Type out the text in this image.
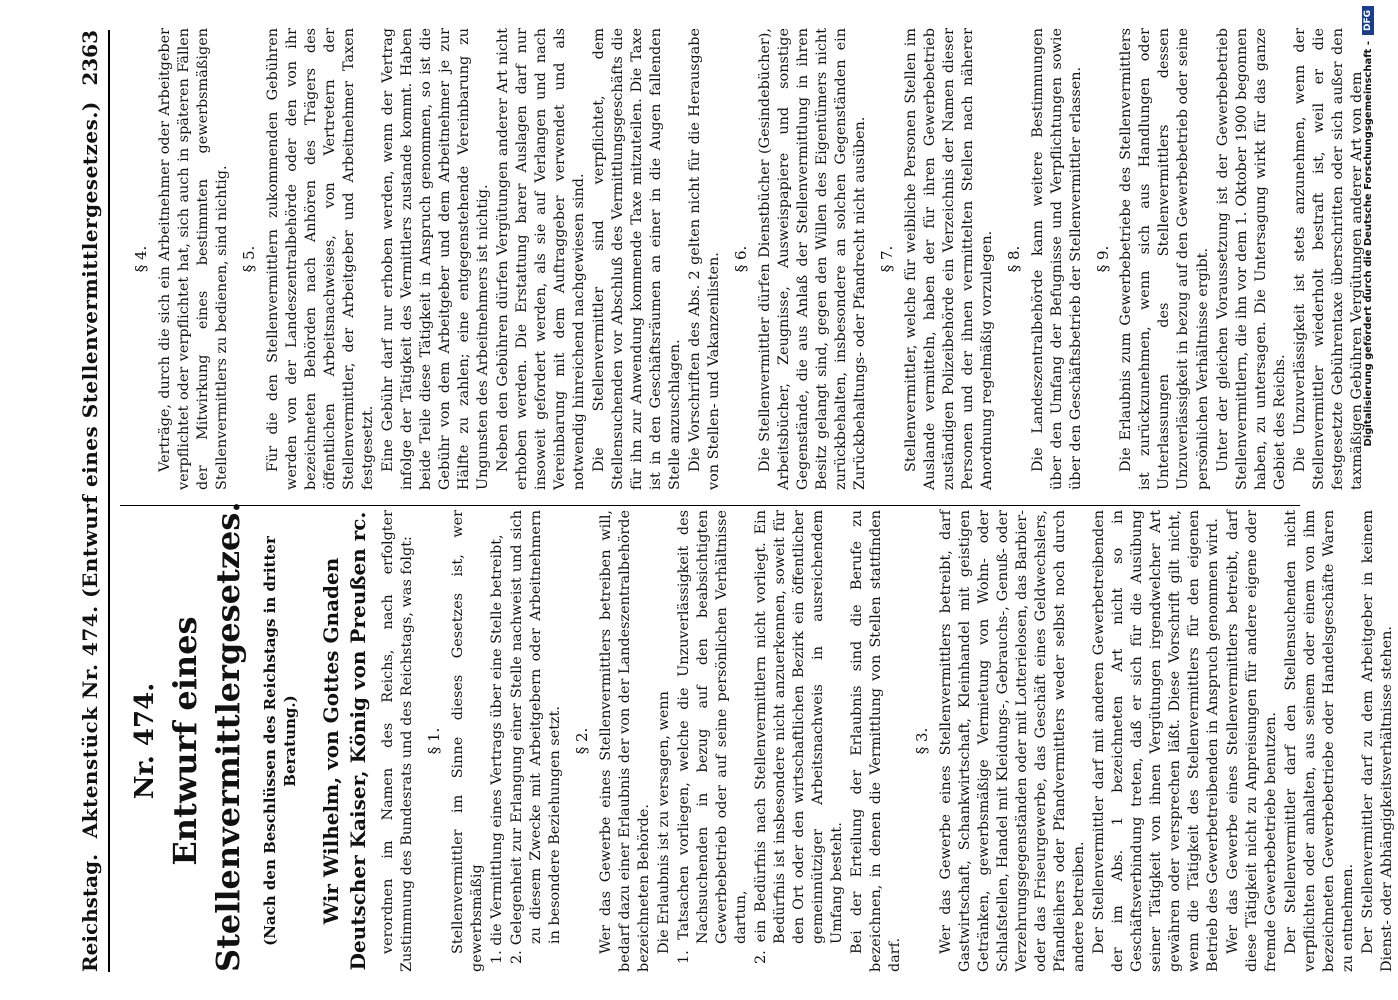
Reichstag.
Aktenstück Nr. 474. (Entwurf eines Stellenvermittlergesetzes.)
2363
Nr. 474. Entwurf eines Stellenvermittlergesetzes. (Nach den Beschlüssen des Reichstags in dritter Beratung.) Wir Wilhelm, von Gottes Gnaden Deutscher Kaiser, König von Preußen rc. verordnen im Namen des Reichs, nach erfolgter Zustimmung des Bundesrats und des Reichstags, was folgt: § 1. Stellenvermittler im Sinne dieses Gesetzes ist, wer gewerbsmäßig 1. die Vermittlung eines Vertrags über eine Stelle betreibt, 2. Gelegenheit zur Erlangung einer Stelle nachweist und sich zu diesem Zwecke mit Arbeitgebern oder Arbeitnehmern in besondere Beziehungen setzt. § 2. Wer das Gewerbe eines Stellenvermittlers betreiben will, bedarf dazu einer Erlaubnis der von der Landeszentralbehörde bezeichneten Behörde. Die Erlaubnis ist zu versagen, wenn 1. Tatsachen vorliegen, welche die Unzuverlässigkeit des Nachsuchenden in bezug auf den beabsichtigten Gewerbebetrieb oder auf seine persönlichen Verhältnisse dartun, 2. ein Bedürfnis nach Stellenvermittlern nicht vorliegt. Ein Bedürfnis ist insbesondere nicht anzuerkennen, soweit für den Ort oder den wirtschaftlichen Bezirk ein öffentlicher gemeinnütziger Arbeitsnachweis in ausreichendem Umfang besteht. Bei der Erteilung der Erlaubnis sind die Berufe zu bezeichnen, in denen die Vermittlung von Stellen stattfinden darf.

§ 3. Wer das Gewerbe eines Stellenvermittlers betreibt, darf Gastwirtschaft, Schankwirtschaft, Kleinhandel mit geistigen Getränken, gewerbsmäßige Vermietung von Wohn- oder Schlafstellen, Handel mit Kleidungs-, Gebrauchs-, Genuß- oder Verzehrungsgegenständen oder mit Lotterielosen, das Barbier- oder das Friseurgewerbe, das Geschäft eines Geldwechslers, Pfandleihers oder Pfandvermittlers weder selbst noch durch andere betreiben. Der Stellenvermittler darf mit anderen Gewerbetreibenden der im Abs. 1 bezeichneten Art nicht so in Geschäftsverbindung treten, daß er sich für die Ausübung seiner Tätigkeit von ihnen Vergütungen irgendwelcher Art gewähren oder versprechen läßt. Diese Vorschrift gilt nicht, wenn die Tätigkeit des Stellenvermittlers für den eigenen Betrieb des Gewerbetreibenden in Anspruch genommen wird. Wer das Gewerbe eines Stellenvermittlers betreibt, darf diese Tätigkeit nicht zu Anpreisungen für andere eigene oder fremde Gewerbebetriebe benutzen. Der Stellenvermittler darf den Stellensuchenden nicht verpflichten oder anhalten, aus seinem oder einem von ihm bezeichneten Gewerbebetriebe oder Handelsgeschäfte Waren zu entnehmen. Der Stellenvermittler darf zu dem Arbeitgeber in keinem Dienst- oder Abhängigkeitsverhältnisse stehen.

§ 4. Verträge, durch die sich ein Arbeitnehmer oder Arbeitgeber verpflichtet oder verpflichtet hat, sich auch in späteren Fällen der Mitwirkung eines bestimmten gewerbsmäßigen Stellenvermittlers zu bedienen, sind nichtig. § 5. Für die den Stellenvermittlern zukommenden Gebühren werden von der Landeszentralbehörde oder den von ihr bezeichneten Behörden nach Anhören des Trägers des öffentlichen Arbeitsnachweises, von Vertretern der Stellenvermittler, der Arbeitgeber und Arbeitnehmer Taxen festgesetzt. Eine Gebühr darf nur erhoben werden, wenn der Vertrag infolge der Tätigkeit des Vermittlers zustande kommt. Haben beide Teile diese Tätigkeit in Anspruch genommen, so ist die Gebühr von dem Arbeitgeber und dem Arbeitnehmer je zur Hälfte zu zahlen; eine entgegenstehende Vereinbarung zu Ungunsten des Arbeitnehmers ist nichtig. Neben den Gebühren dürfen Vergütungen anderer Art nicht erhoben werden. Die Erstattung barer Auslagen darf nur insoweit gefordert werden, als sie auf Verlangen und nach Vereinbarung mit dem Auftraggeber verwendet und als notwendig hinreichend nachgewiesen sind. Die Stellenvermittler sind verpflichtet, dem Stellensuchenden vor Abschluß des Vermittlungsgeschäfts die für ihn zur Anwendung kommende Taxe mitzuteilen. Die Taxe ist in den Geschäftsräumen an einer in die Augen fallenden Stelle anzuschlagen. Die Vorschriften des Abs. 2 gelten nicht für die Herausgabe von Stellen- und Vakanzenlisten. § 6. Die Stellenvermittler dürfen Dienstbücher (Gesindebücher), Arbeitsbücher, Zeugnisse, Ausweispapiere und sonstige Gegenstände, die aus Anlaß der Stellenvermittlung in ihren Besitz gelangt sind, gegen den Willen des Eigentümers nicht zurückbehalten, insbesondere an solchen Gegenständen ein Zurückbehaltungs- oder Pfandrecht nicht ausüben. § 7. Stellenvermittler, welche für weibliche Personen Stellen im Auslande vermitteln, haben der für ihren Gewerbebetrieb zuständigen Polizeibehörde ein Verzeichnis der Namen dieser Personen und der ihnen vermittelten Stellen nach näherer Anordnung regelmäßig vorzulegen. § 8. Die Landeszentralbehörde kann weitere Bestimmungen über den Umfang der Befugnisse und Verpflichtungen sowie über den Geschäftsbetrieb der Stellenvermittler erlassen. § 9. Die Erlaubnis zum Gewerbebetriebe des Stellenvermittlers ist zurückzunehmen, wenn sich aus Handlungen oder Unterlassungen des Stellenvermittlers dessen Unzuverlässigkeit in bezug auf den Gewerbebetrieb oder seine persönlichen Verhältnisse ergibt. Unter der gleichen Voraussetzung ist der Gewerbebetrieb Stellenvermittlern, die ihn vor dem 1. Oktober 1900 begonnen haben, zu untersagen. Die Untersagung wirkt für das ganze Gebiet des Reichs. Die Unzuverlässigkeit ist stets anzunehmen, wenn der Stellenvermittler wiederholt bestraft ist, weil er die festgesetzte Gebührentaxe überschritten oder sich außer den taxmäßigen Gebühren Vergütungen anderer Art von dem

Digitalisierung gefördert durch die Deutsche Forschungsgemeinschaft -
DFG
